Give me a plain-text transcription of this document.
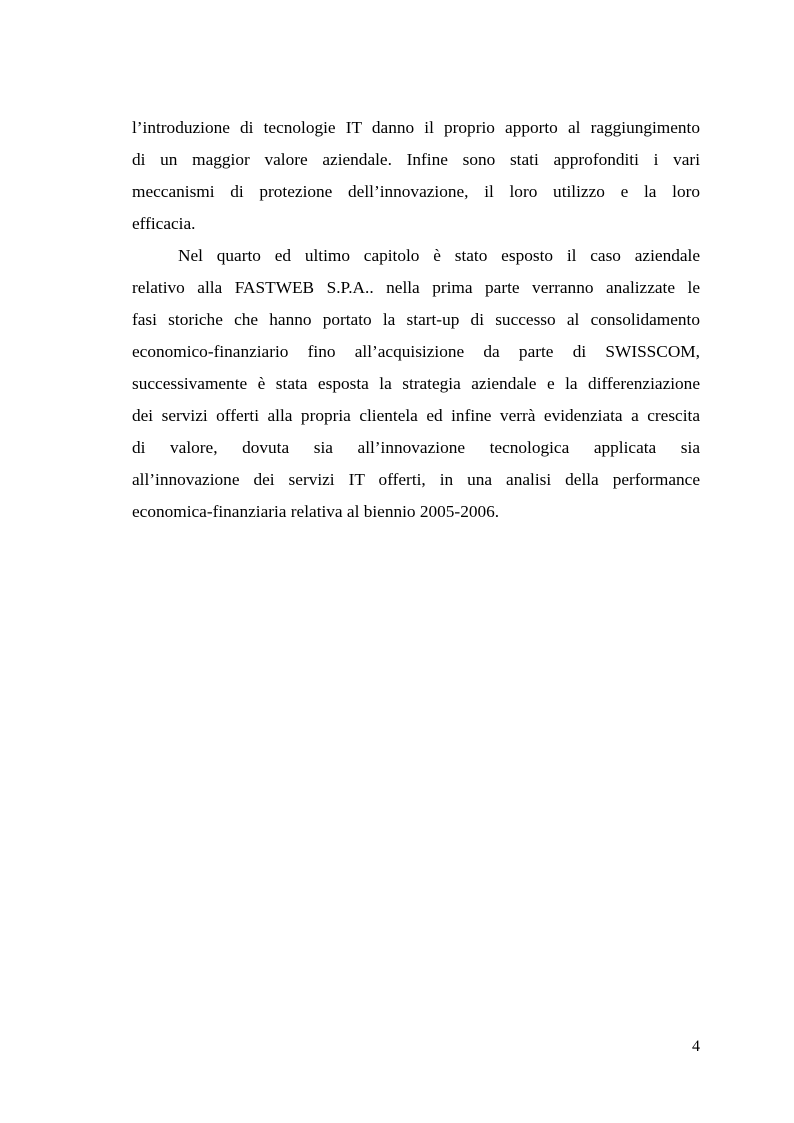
l’introduzione di tecnologie IT danno il proprio apporto al raggiungimento
di un maggior valore aziendale. Infine sono stati approfonditi i vari
meccanismi di protezione dell’innovazione, il loro utilizzo e la loro
efficacia.
Nel quarto ed ultimo capitolo è stato esposto il caso aziendale
relativo alla FASTWEB S.P.A.. nella prima parte verranno analizzate le
fasi storiche che hanno portato la start-up di successo al consolidamento
economico-finanziario fino all’acquisizione da parte di SWISSCOM,
successivamente è stata esposta la strategia aziendale e la differenziazione
dei servizi offerti alla propria clientela ed infine verrà evidenziata a crescita
di valore, dovuta sia all’innovazione tecnologica applicata sia
all’innovazione dei servizi IT offerti, in una analisi della performance
economica-finanziaria relativa al biennio 2005-2006.
4
